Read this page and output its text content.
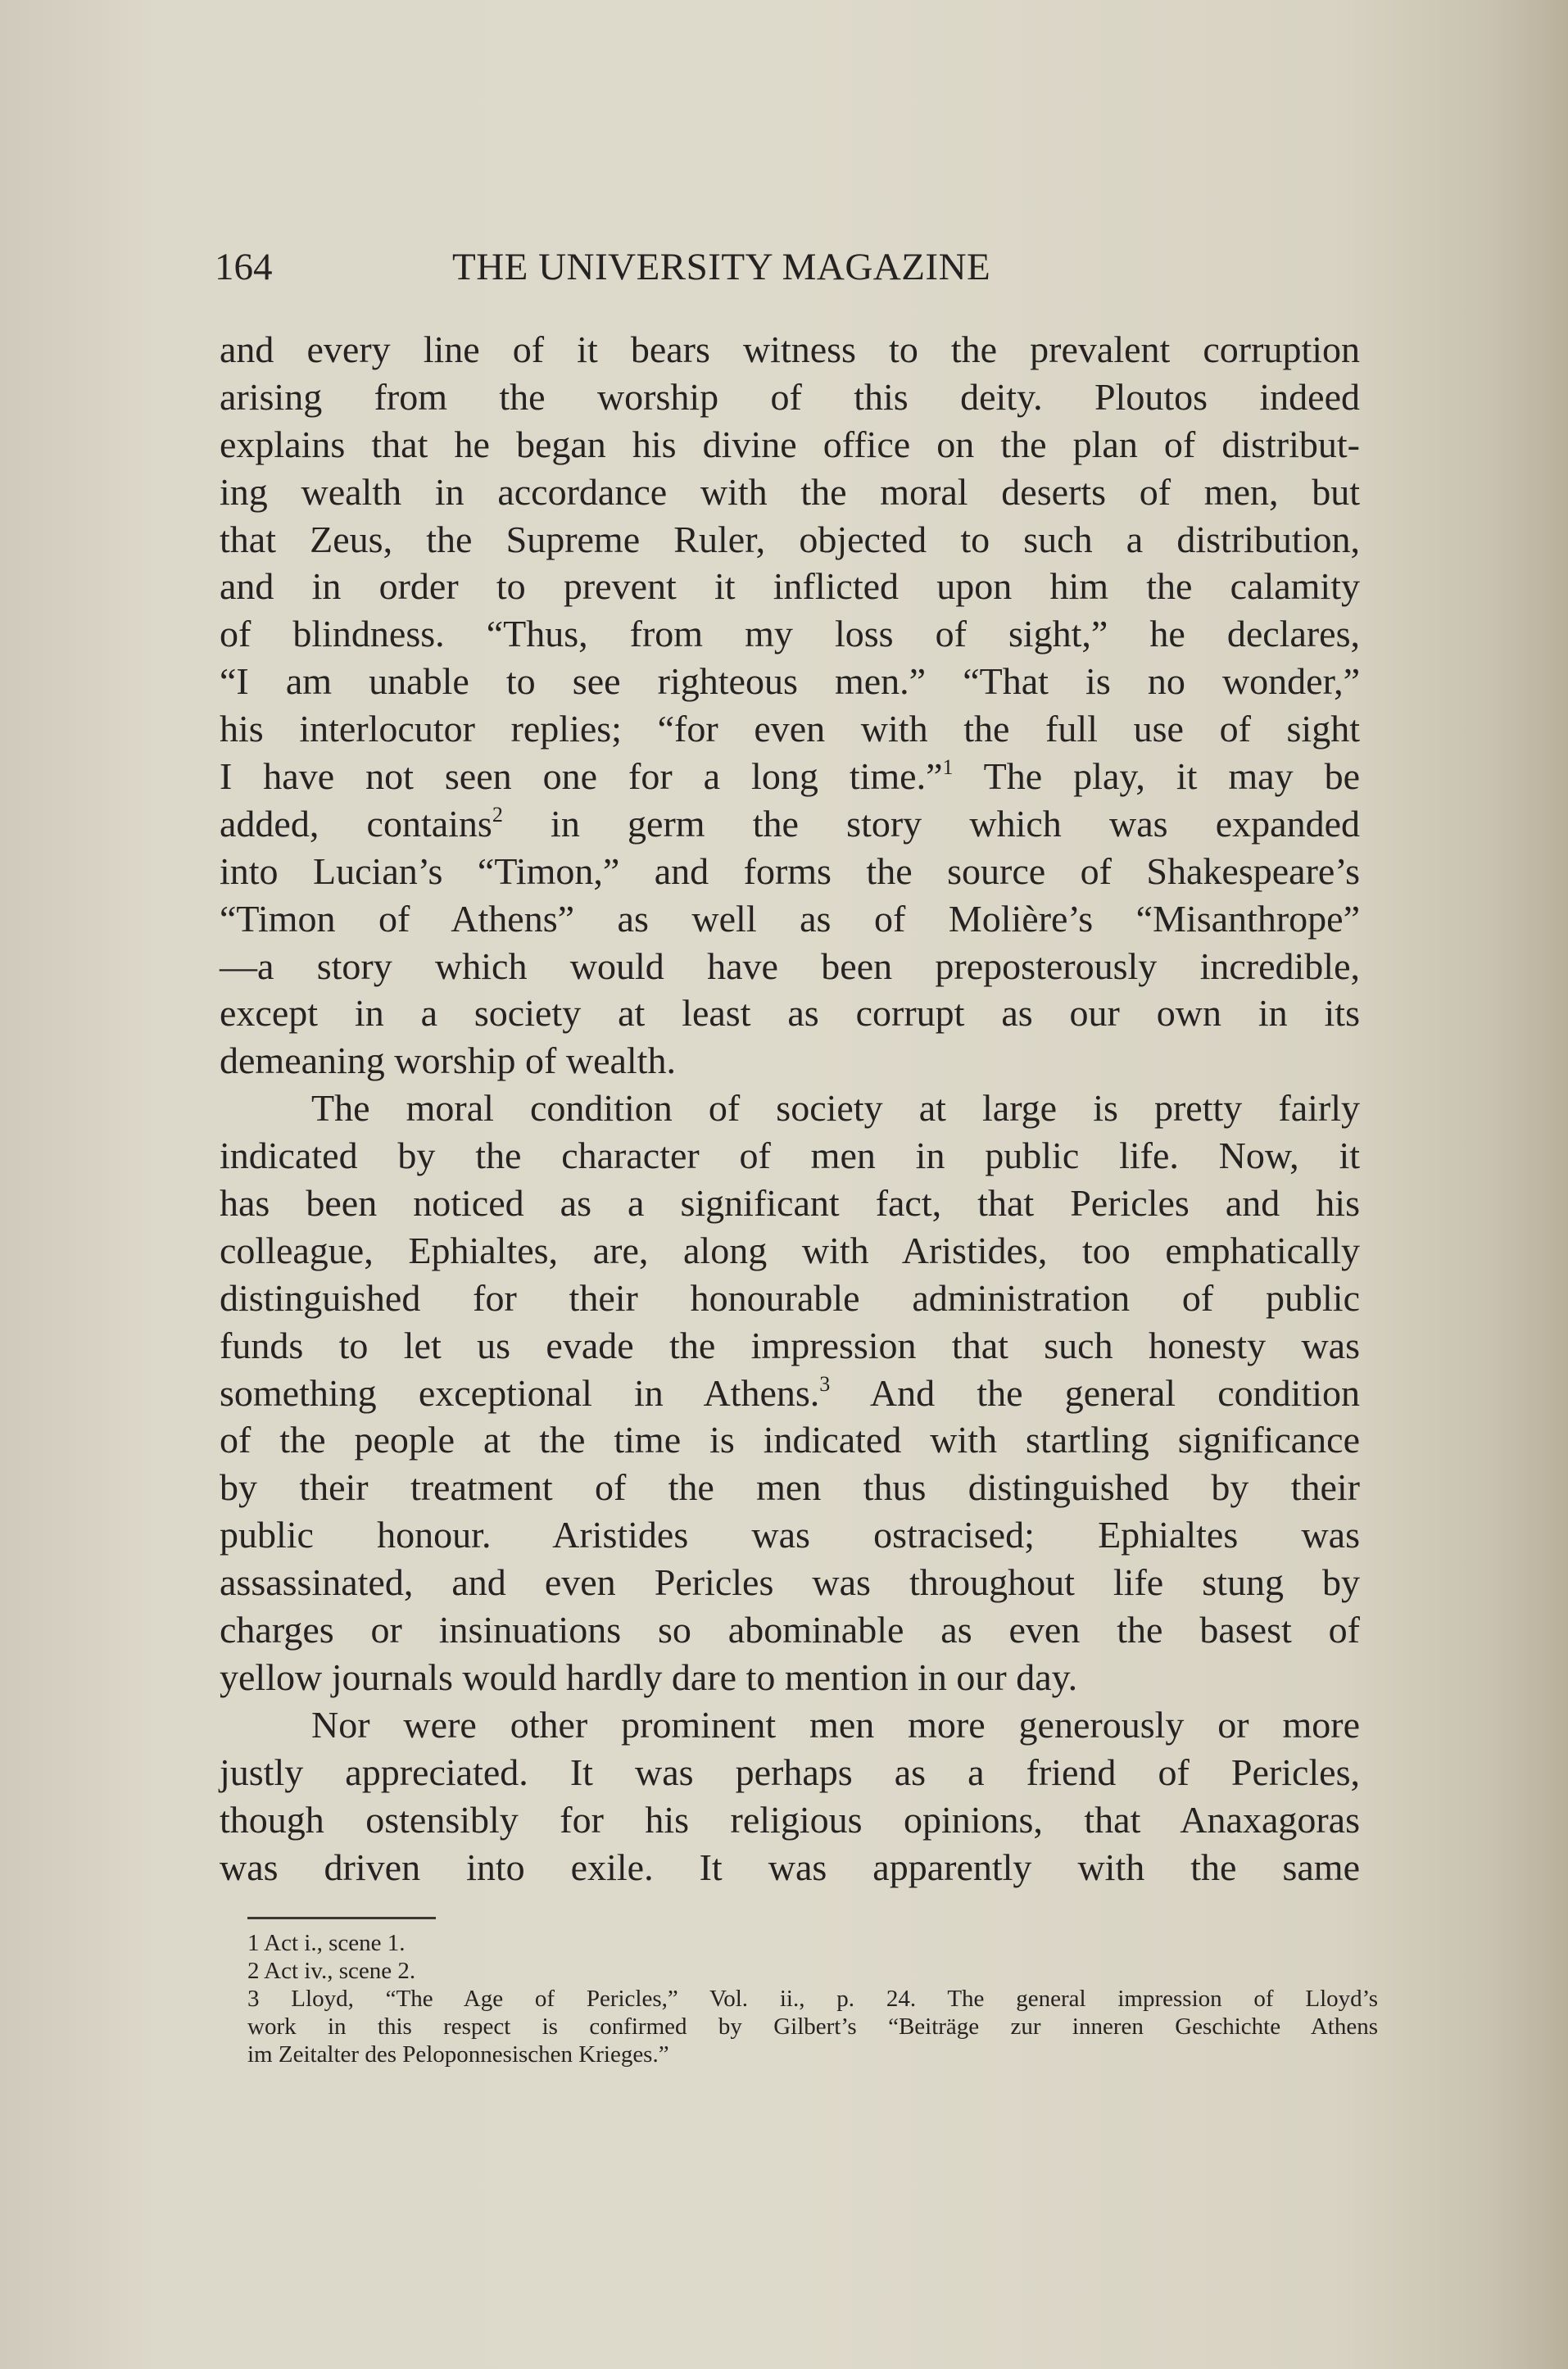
164	THE UNIVERSITY MAGAZINE
and every line of it bears witness to the prevalent corruption
arising from the worship of this deity. Ploutos indeed
explains that he began his divine office on the plan of distribut-
ing wealth in accordance with the moral deserts of men, but
that Zeus, the Supreme Ruler, objected to such a distribution,
and in order to prevent it inflicted upon him the calamity
of blindness. “Thus, from my loss of sight,” he declares,
“I am unable to see righteous men.” “That is no wonder,”
his interlocutor replies; “for even with the full use of sight
I have not seen one for a long time.”$^1$ The play, it may be
added, contains$^2$ in germ the story which was expanded
into Lucian’s “Timon,” and forms the source of Shakespeare’s
“Timon of Athens” as well as of Molière’s “Misanthrope”
—a story which would have been preposterously incredible,
except in a society at least as corrupt as our own in its
demeaning worship of wealth.
The moral condition of society at large is pretty fairly
indicated by the character of men in public life. Now, it
has been noticed as a significant fact, that Pericles and his
colleague, Ephialtes, are, along with Aristides, too emphatically
distinguished for their honourable administration of public
funds to let us evade the impression that such honesty was
something exceptional in Athens.$^3$ And the general condition
of the people at the time is indicated with startling significance
by their treatment of the men thus distinguished by their
public honour. Aristides was ostracised; Ephialtes was
assassinated, and even Pericles was throughout life stung by
charges or insinuations so abominable as even the basest of
yellow journals would hardly dare to mention in our day.
Nor were other prominent men more generously or more
justly appreciated. It was perhaps as a friend of Pericles,
though ostensibly for his religious opinions, that Anaxagoras
was driven into exile. It was apparently with the same
1 Act i., scene 1.
2 Act iv., scene 2.
3 Lloyd, “The Age of Pericles,” Vol. ii., p. 24. The general impression of Lloyd’s
work in this respect is confirmed by Gilbert’s “Beiträge zur inneren Geschichte Athens
im Zeitalter des Peloponnesischen Krieges.”
